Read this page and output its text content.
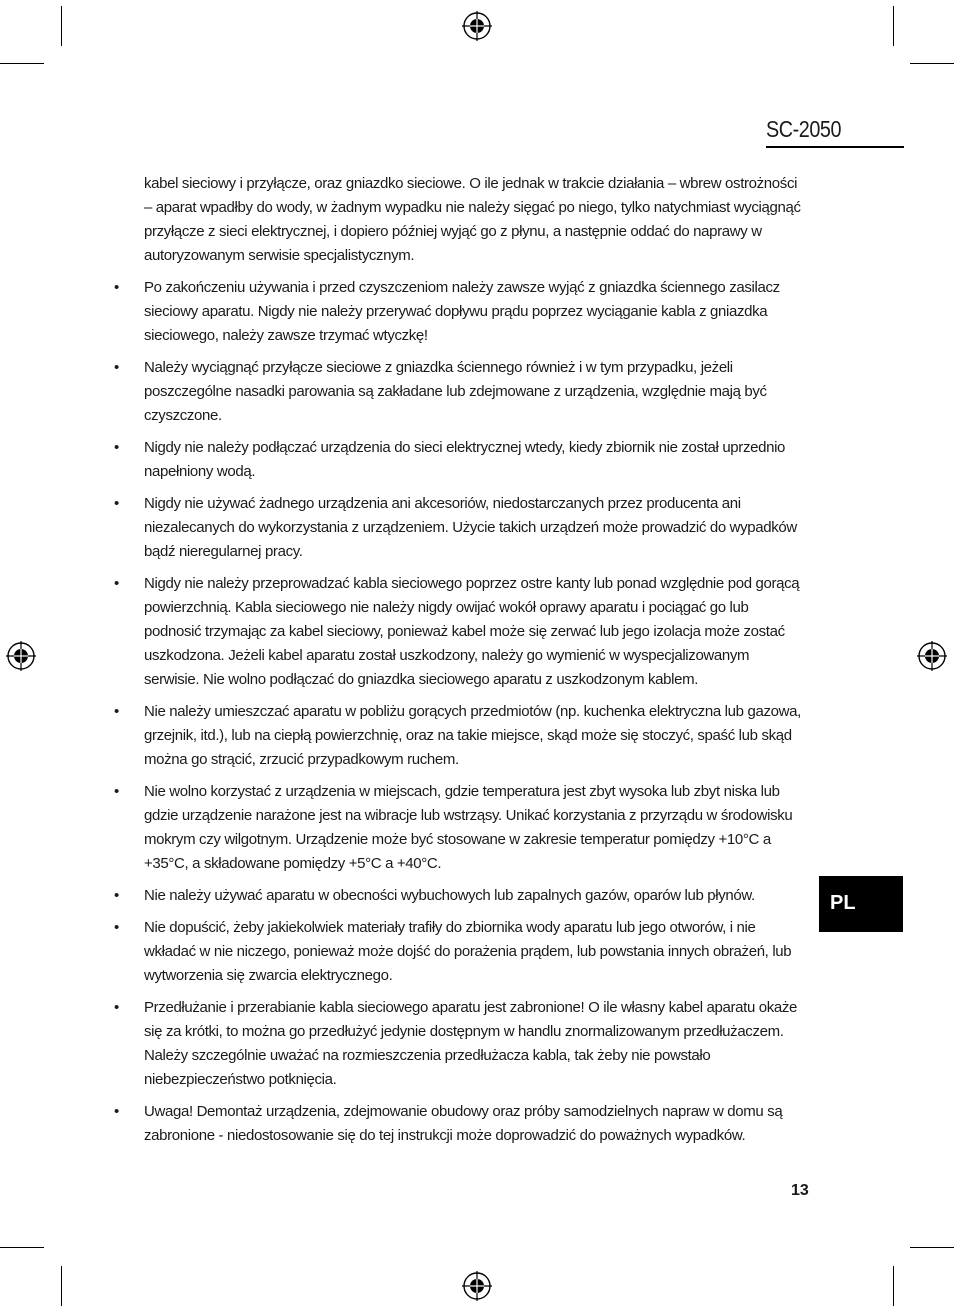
SC-2050

kabel sieciowy i przyłącze, oraz gniazdko sieciowe. O ile jednak w trakcie działania – wbrew ostrożności – aparat wpadłby do wody, w żadnym wypadku nie należy sięgać po niego, tylko natychmiast wyciągnąć przyłącze z sieci elektrycznej, i dopiero później wyjąć go z płynu, a następnie oddać do naprawy w autoryzowanym serwisie specjalistycznym.

• Po zakończeniu używania i przed czyszczeniom należy zawsze wyjąć z gniazdka ściennego zasilacz sieciowy aparatu. Nigdy nie należy przerywać dopływu prądu poprzez wyciąganie kabla z gniazdka sieciowego, należy zawsze trzymać wtyczkę!
• Należy wyciągnąć przyłącze sieciowe z gniazdka ściennego również i w tym przypadku, jeżeli poszczególne nasadki parowania są zakładane lub zdejmowane z urządzenia, względnie mają być czyszczone.
• Nigdy nie należy podłączać urządzenia do sieci elektrycznej wtedy, kiedy zbiornik nie został uprzednio napełniony wodą.
• Nigdy nie używać żadnego urządzenia ani akcesoriów, niedostarczanych przez producenta ani niezalecanych do wykorzystania z urządzeniem. Użycie takich urządzeń może prowadzić do wypadków bądź nieregularnej pracy.
• Nigdy nie należy przeprowadzać kabla sieciowego poprzez ostre kanty lub ponad względnie pod gorącą powierzchnią. Kabla sieciowego nie należy nigdy owijać wokół oprawy aparatu i pociągać go lub podnosić trzymając za kabel sieciowy, ponieważ kabel może się zerwać lub jego izolacja może zostać uszkodzona. Jeżeli kabel aparatu został uszkodzony, należy go wymienić w wyspecjalizowanym serwisie. Nie wolno podłączać do gniazdka sieciowego aparatu z uszkodzonym kablem.
• Nie należy umieszczać aparatu w pobliżu gorących przedmiotów (np. kuchenka elektryczna lub gazowa, grzejnik, itd.), lub na ciepłą powierzchnię, oraz na takie miejsce, skąd może się stoczyć, spaść lub skąd można go strącić, zrzucić przypadkowym ruchem.
• Nie wolno korzystać z urządzenia w miejscach, gdzie temperatura jest zbyt wysoka lub zbyt niska lub gdzie urządzenie narażone jest na wibracje lub wstrząsy. Unikać korzystania z przyrządu w środowisku mokrym czy wilgotnym. Urządzenie może być stosowane w zakresie temperatur pomiędzy +10°C a +35°C, a składowane pomiędzy +5°C a +40°C.
• Nie należy używać aparatu w obecności wybuchowych lub zapalnych gazów, oparów lub płynów.
• Nie dopuścić, żeby jakiekolwiek materiały trafiły do zbiornika wody aparatu lub jego otworów, i nie wkładać w nie niczego, ponieważ może dojść do porażenia prądem, lub powstania innych obrażeń, lub wytworzenia się zwarcia elektrycznego.
• Przedłużanie i przerabianie kabla sieciowego aparatu jest zabronione! O ile własny kabel aparatu okaże się za krótki, to można go przedłużyć jedynie dostępnym w handlu znormalizowanym przedłużaczem. Należy szczególnie uważać na rozmieszczenia przedłużacza kabla, tak żeby nie powstało niebezpieczeństwo potknięcia.
• Uwaga! Demontaż urządzenia, zdejmowanie obudowy oraz próby samodzielnych napraw w domu są zabronione - niedostosowanie się do tej instrukcji może doprowadzić do poważnych wypadków.
PL
13
